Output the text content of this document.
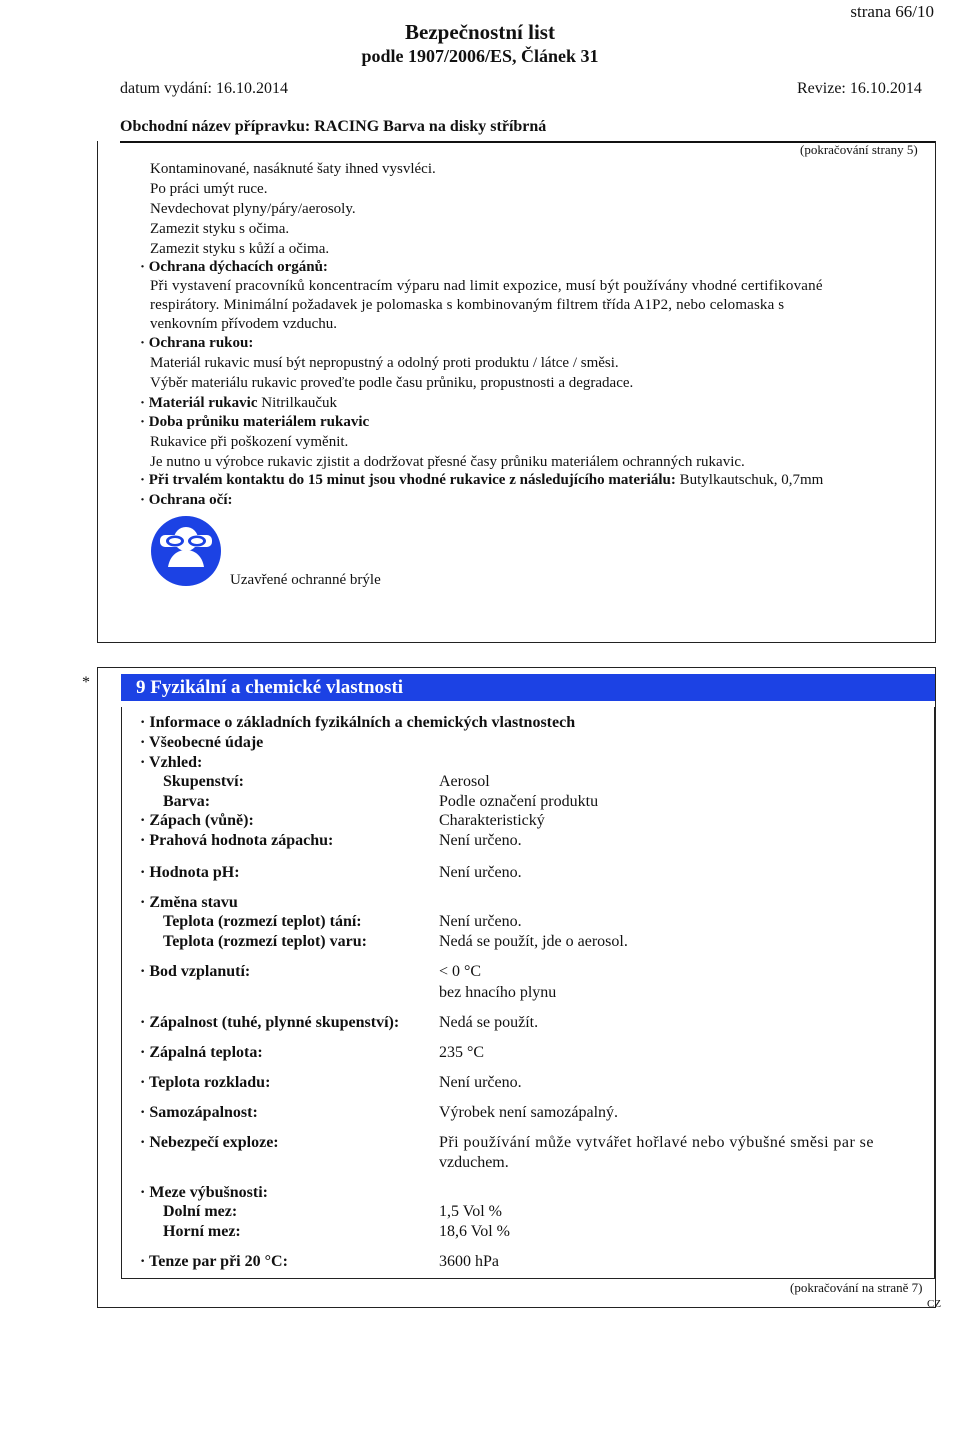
strana 66/10
Bezpečnostní list
podle 1907/2006/ES, Článek 31
datum vydání: 16.10.2014	Revize: 16.10.2014
Obchodní název přípravku: RACING Barva na disky stříbrná
(pokračování strany 5)
Kontaminované, nasáknuté šaty ihned vysvléci.
Po práci umýt ruce.
Nevdechovat plyny/páry/aerosoly.
Zamezit styku s očima.
Zamezit styku s kůží a očima.
· Ochrana dýchacích orgánů:
Při vystavení pracovníků koncentracím výparu nad limit expozice, musí být používány vhodné certifikované
respirátory. Minimální požadavek je polomaska s kombinovaným filtrem třída A1P2, nebo celomaska s
venkovním přívodem vzduchu.
· Ochrana rukou:
Materiál rukavic musí být nepropustný a odolný proti produktu / látce / směsi.
Výběr materiálu rukavic proveďte podle času průniku, propustnosti a degradace.
· Materiál rukavic Nitrilkaučuk
· Doba průniku materiálem rukavic
Rukavice při poškození vyměnit.
Je nutno u výrobce rukavic zjistit a dodržovat přesné časy průniku materiálem ochranných rukavic.
· Při trvalém kontaktu do 15 minut jsou vhodné rukavice z následujícího materiálu: Butylkautschuk, 0,7mm
· Ochrana očí:
Uzavřené ochranné brýle
* 9 Fyzikální a chemické vlastnosti
· Informace o základních fyzikálních a chemických vlastnostech
· Všeobecné údaje
· Vzhled:
Skupenství:	Aerosol
Barva:	Podle označení produktu
· Zápach (vůně):	Charakteristický
· Prahová hodnota zápachu:	Není určeno.
· Hodnota pH:	Není určeno.
· Změna stavu
Teplota (rozmezí teplot) tání:	Není určeno.
Teplota (rozmezí teplot) varu:	Nedá se použít, jde o aerosol.
· Bod vzplanutí:	< 0 °C
bez hnacího plynu
· Zápalnost (tuhé, plynné skupenství): Nedá se použít.
· Zápalná teplota:	235 °C
· Teplota rozkladu:	Není určeno.
· Samozápalnost:	Výrobek není samozápalný.
· Nebezpečí exploze:	Při používání může vytvářet hořlavé nebo výbušné směsi par se
vzduchem.
· Meze výbušnosti:
Dolní mez:	1,5 Vol %
Horní mez:	18,6 Vol %
· Tenze par při 20 °C:	3600 hPa
(pokračování na straně 7)
CZ
